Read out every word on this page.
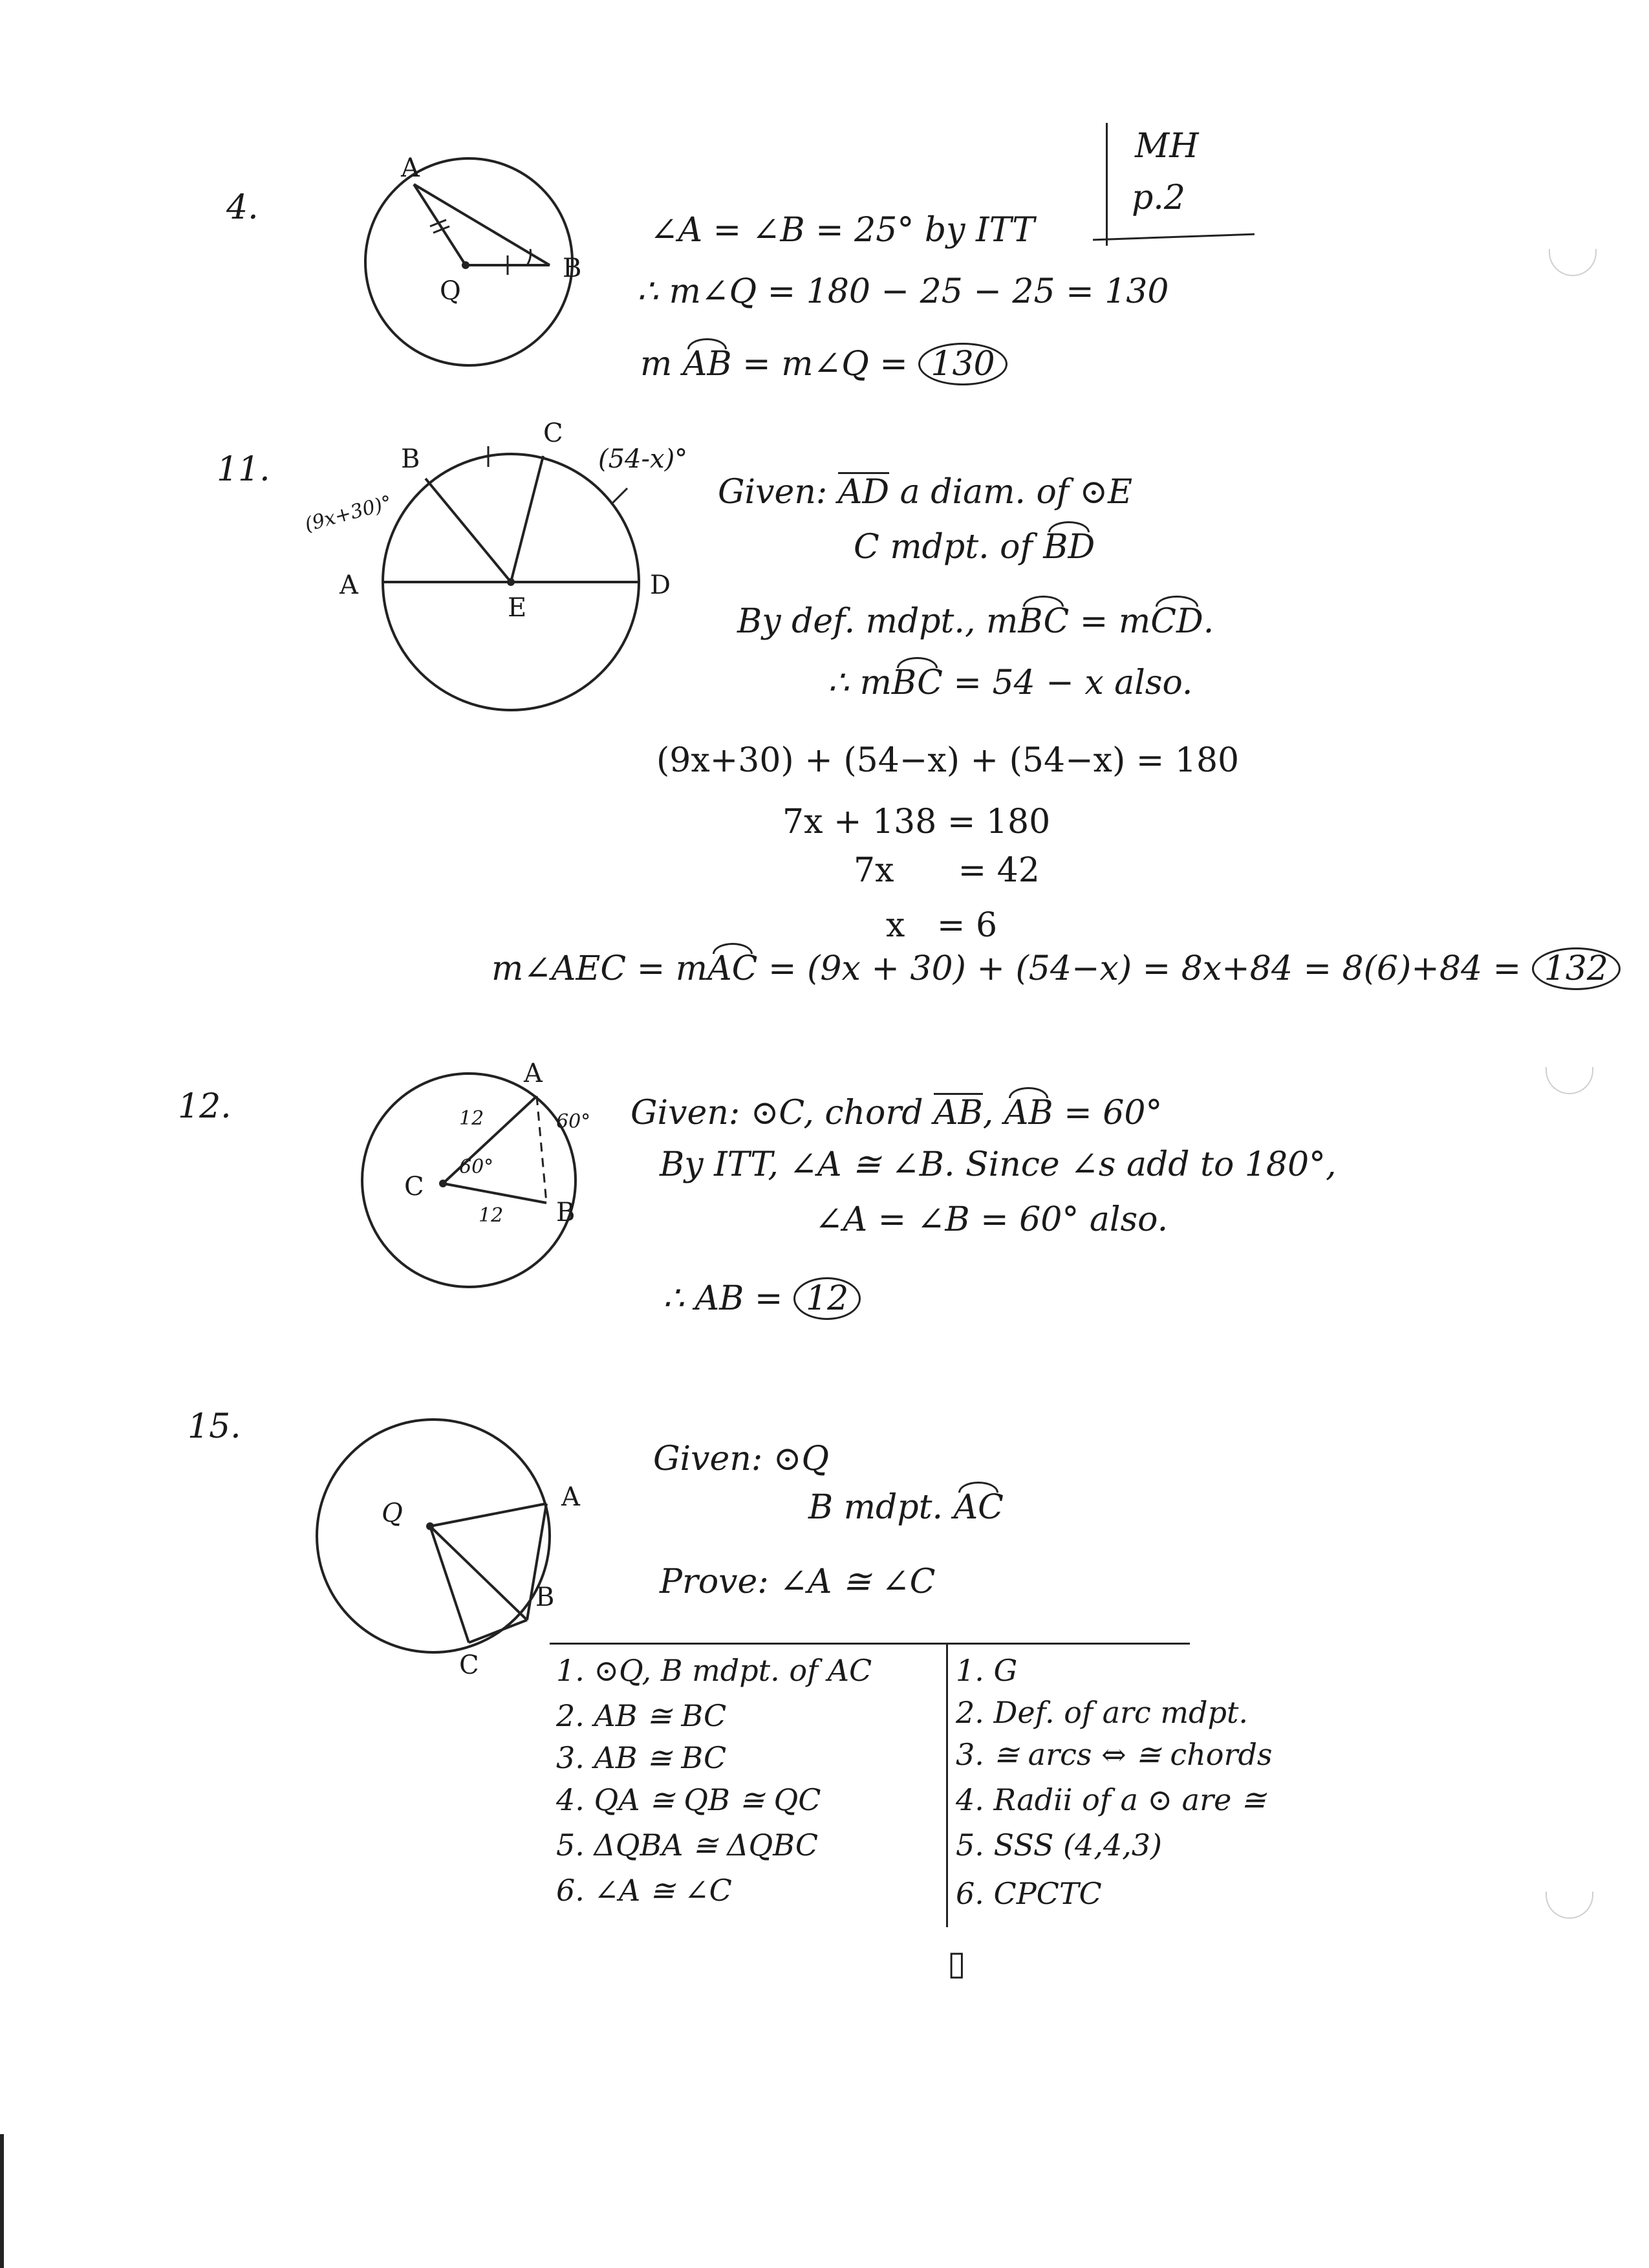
MH
p.2
4.
A
B
Q
∠A = ∠B = 25° by ITT
∴ m∠Q = 180 − 25 − 25 = 130
m AB = m∠Q = 130
11.	B
C
A	D
E
(9x+30)°
(54-x)°
Given: AD a diam. of ⊙E
C mdpt. of BD
By def. mdpt., mBC = mCD.
∴ mBC = 54 − x also.
(9x+30) + (54−x) + (54−x) = 180
7x + 138 = 180
7x      = 42
x   = 6
m∠AEC = mAC = (9x + 30) + (54−x) = 8x+84 = 8(6)+84 = 132
12.
A
B
C
12
12
60°
60° Given: ⊙C, chord AB, AB = 60°
By ITT, ∠A ≅ ∠B. Since ∠s add to 180°,
∠A = ∠B = 60° also.
∴ AB = 12
15.
Q
A
B
C
Given: ⊙Q
B mdpt. AC
Prove: ∠A ≅ ∠C
1. ⊙Q, B mdpt. of AC
2. AB ≅ BC
3. AB ≅ BC
4. QA ≅ QB ≅ QC
5. ΔQBA ≅ ΔQBC
6. ∠A ≅ ∠C
1. G
2. Def. of arc mdpt.
3. ≅ arcs ⇔ ≅ chords
4. Radii of a ⊙ are ≅
5. SSS (4,4,3)
6. CPCTC
▯
